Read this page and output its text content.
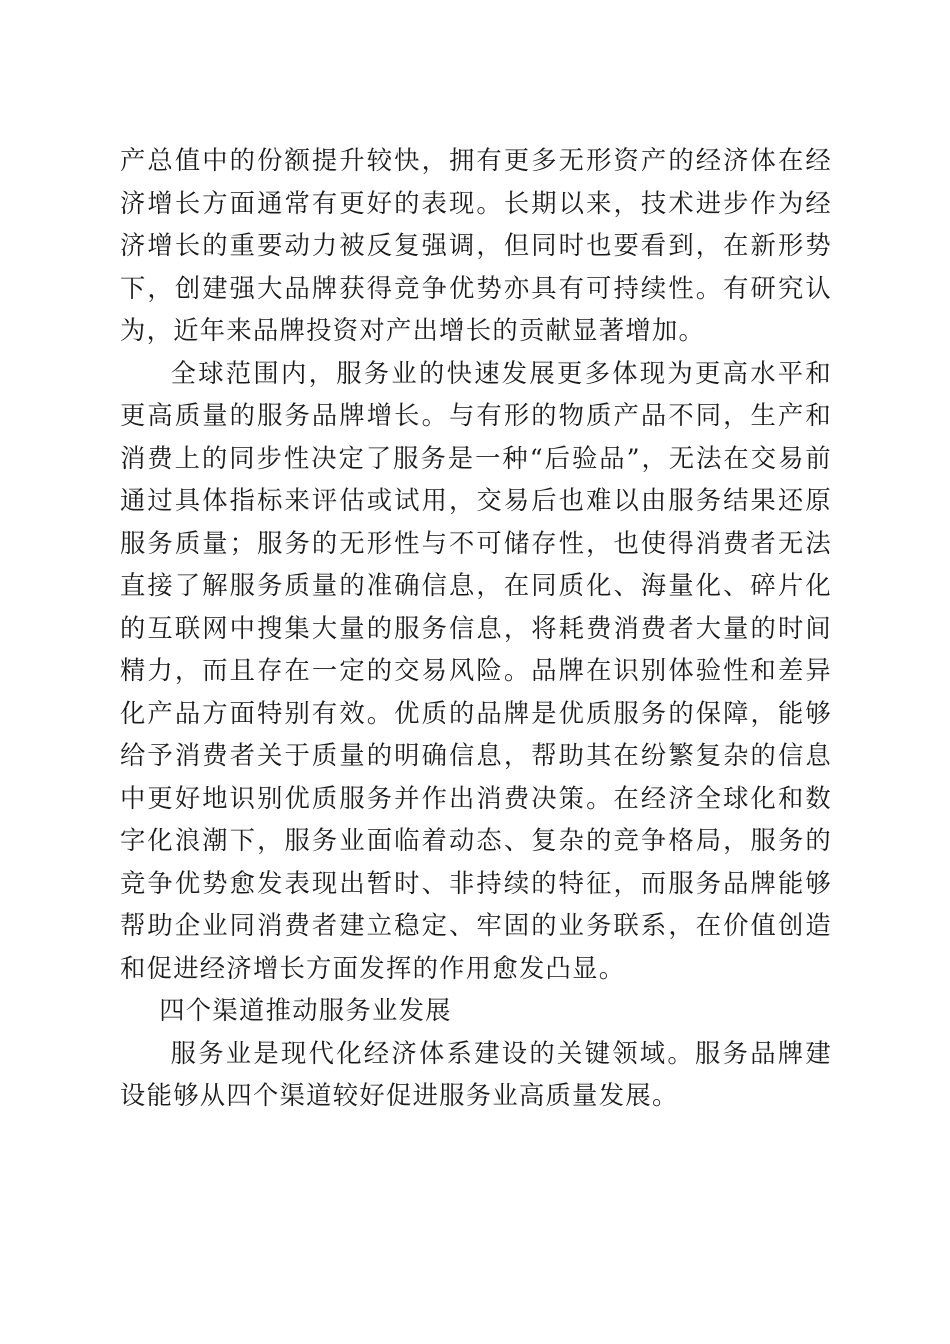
产总值中的份额提升较快，拥有更多无形资产的经济体在经济增长方面通常有更好的表现。长期以来，技术进步作为经济增长的重要动力被反复强调，但同时也要看到，在新形势下，创建强大品牌获得竞争优势亦具有可持续性。有研究认为，近年来品牌投资对产出增长的贡献显著增加。

全球范围内，服务业的快速发展更多体现为更高水平和更高质量的服务品牌增长。与有形的物质产品不同，生产和消费上的同步性决定了服务是一种“后验品”，无法在交易前通过具体指标来评估或试用，交易后也难以由服务结果还原服务质量；服务的无形性与不可储存性，也使得消费者无法直接了解服务质量的准确信息，在同质化、海量化、碎片化的互联网中搜集大量的服务信息，将耗费消费者大量的时间精力，而且存在一定的交易风险。品牌在识别体验性和差异化产品方面特别有效。优质的品牌是优质服务的保障，能够给予消费者关于质量的明确信息，帮助其在纷繁复杂的信息中更好地识别优质服务并作出消费决策。在经济全球化和数字化浪潮下，服务业面临着动态、复杂的竞争格局，服务的竞争优势愈发表现出暂时、非持续的特征，而服务品牌能够帮助企业同消费者建立稳定、牢固的业务联系，在价值创造和促进经济增长方面发挥的作用愈发凸显。

四个渠道推动服务业发展

服务业是现代化经济体系建设的关键领域。服务品牌建设能够从四个渠道较好促进服务业高质量发展。
